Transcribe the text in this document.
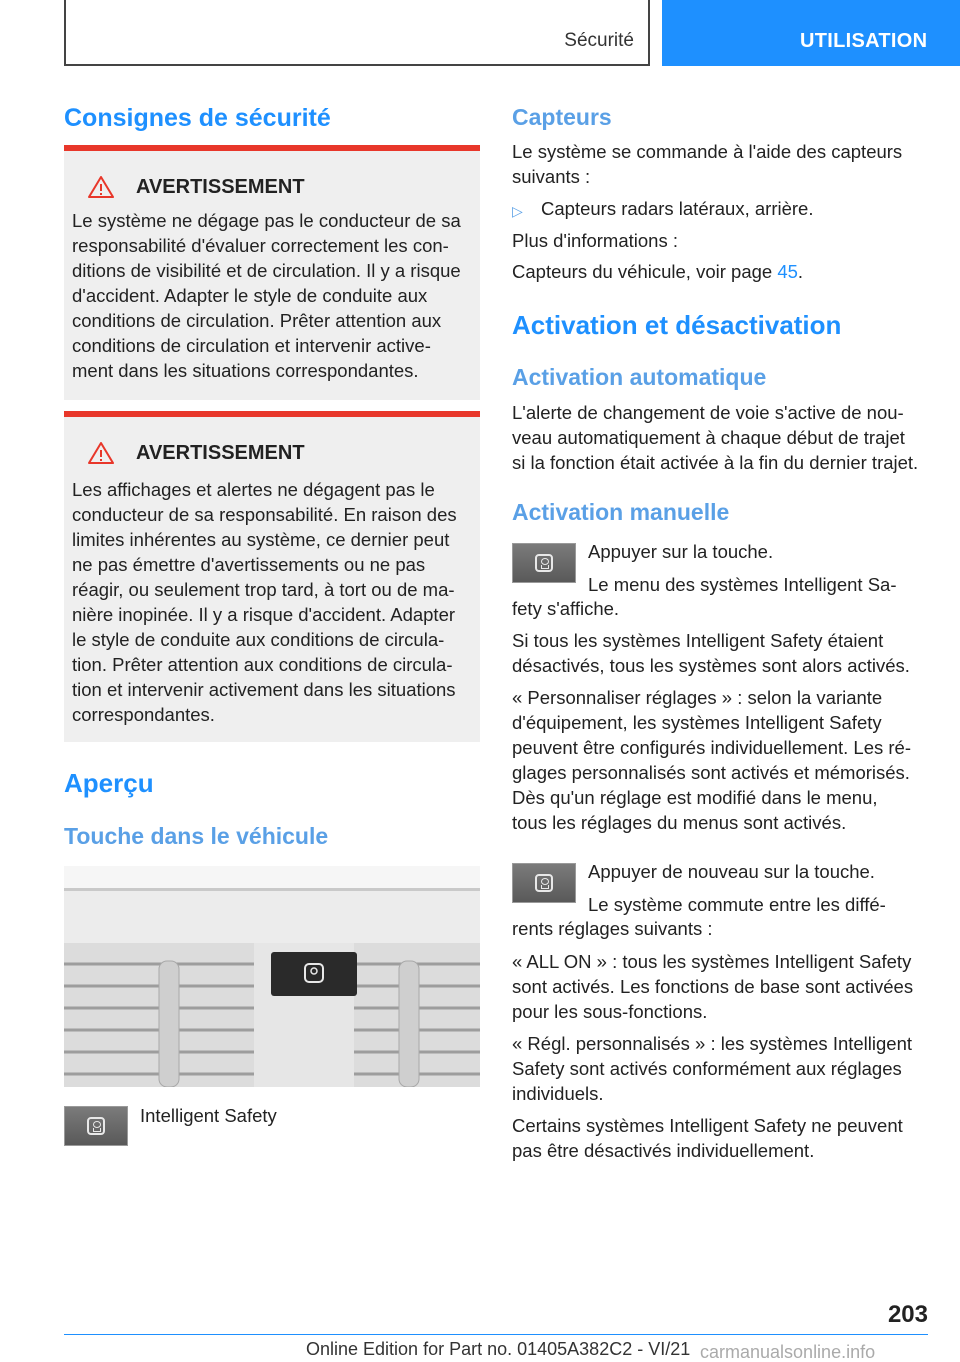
Sécurité	UTILISATION
Consignes de sécurité
AVERTISSEMENT
Le système ne dégage pas le conducteur de sa
responsabilité d'évaluer correctement les con‐
ditions de visibilité et de circulation. Il y a risque
d'accident. Adapter le style de conduite aux
conditions de circulation. Prêter attention aux
conditions de circulation et intervenir active‐
ment dans les situations correspondantes.
AVERTISSEMENT
Les affichages et alertes ne dégagent pas le
conducteur de sa responsabilité. En raison des
limites inhérentes au système, ce dernier peut
ne pas émettre d'avertissements ou ne pas
réagir, ou seulement trop tard, à tort ou de ma‐
nière inopinée. Il y a risque d'accident. Adapter
le style de conduite aux conditions de circula‐
tion. Prêter attention aux conditions de circula‐
tion et intervenir activement dans les situations
correspondantes.
Aperçu
Touche dans le véhicule
Intelligent Safety
Capteurs
Le système se commande à l'aide des capteurs
suivants :
▷ Capteurs radars latéraux, arrière.
Plus d'informations :
Capteurs du véhicule, voir page 45.
Activation et désactivation
Activation automatique
L'alerte de changement de voie s'active de nou‐
veau automatiquement à chaque début de trajet
si la fonction était activée à la fin du dernier trajet.
Activation manuelle
Appuyer sur la touche.
Le menu des systèmes Intelligent Sa‐
fety s'affiche.
Si tous les systèmes Intelligent Safety étaient
désactivés, tous les systèmes sont alors activés.
« Personnaliser réglages » : selon la variante
d'équipement, les systèmes Intelligent Safety
peuvent être configurés individuellement. Les ré‐
glages personnalisés sont activés et mémorisés.
Dès qu'un réglage est modifié dans le menu,
tous les réglages du menus sont activés.
Appuyer de nouveau sur la touche.
Le système commute entre les diffé‐
rents réglages suivants :
« ALL ON » : tous les systèmes Intelligent Safety
sont activés. Les fonctions de base sont activées
pour les sous-fonctions.
« Régl. personnalisés » : les systèmes Intelligent
Safety sont activés conformément aux réglages
individuels.
Certains systèmes Intelligent Safety ne peuvent
pas être désactivés individuellement.
203
Online Edition for Part no. 01405A382C2 - VI/21 carmanualsonline.info
